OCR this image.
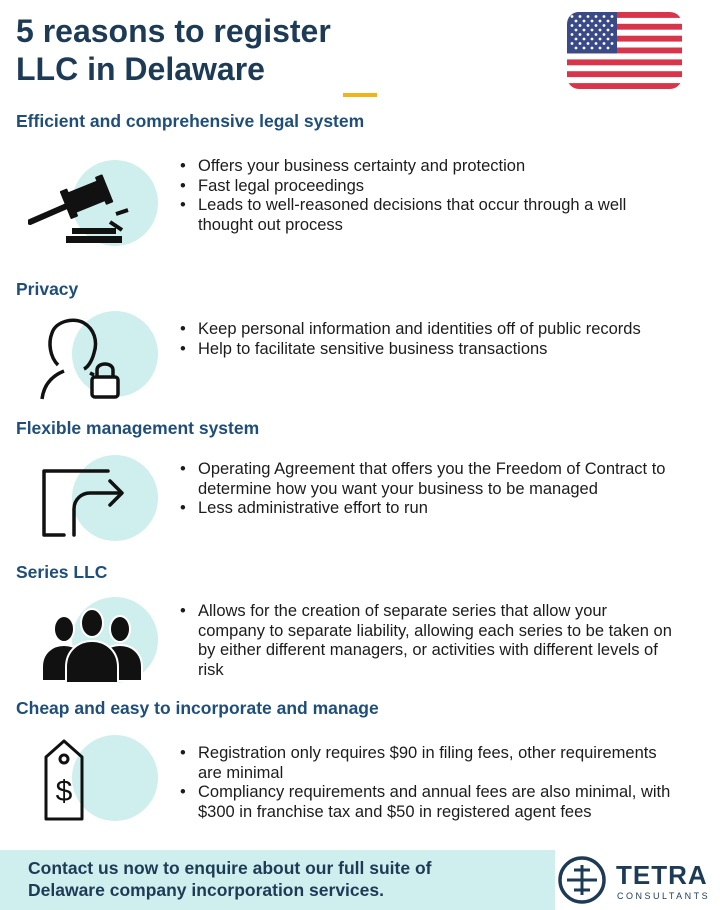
5 reasons to register
LLC in Delaware
Efficient and comprehensive legal system
• Offers your business certainty and protection
• Fast legal proceedings
• Leads to well-reasoned decisions that occur through a well thought out process
Privacy
• Keep personal information and identities off of public records
• Help to facilitate sensitive business transactions
Flexible management system
• Operating Agreement that offers you the Freedom of Contract to determine how you want your business to be managed
• Less administrative effort to run
Series LLC
• Allows for the creation of separate series that allow your company to separate liability, allowing each series to be taken on by either different managers, or activities with different levels of risk
Cheap and easy to incorporate and manage
$
• Registration only requires $90 in filing fees, other requirements are minimal
• Compliancy requirements and annual fees are also minimal, with $300 in franchise tax and $50 in registered agent fees
Contact us now to enquire about our full suite of
Delaware company incorporation services.	TETRA
CONSULTANTS
